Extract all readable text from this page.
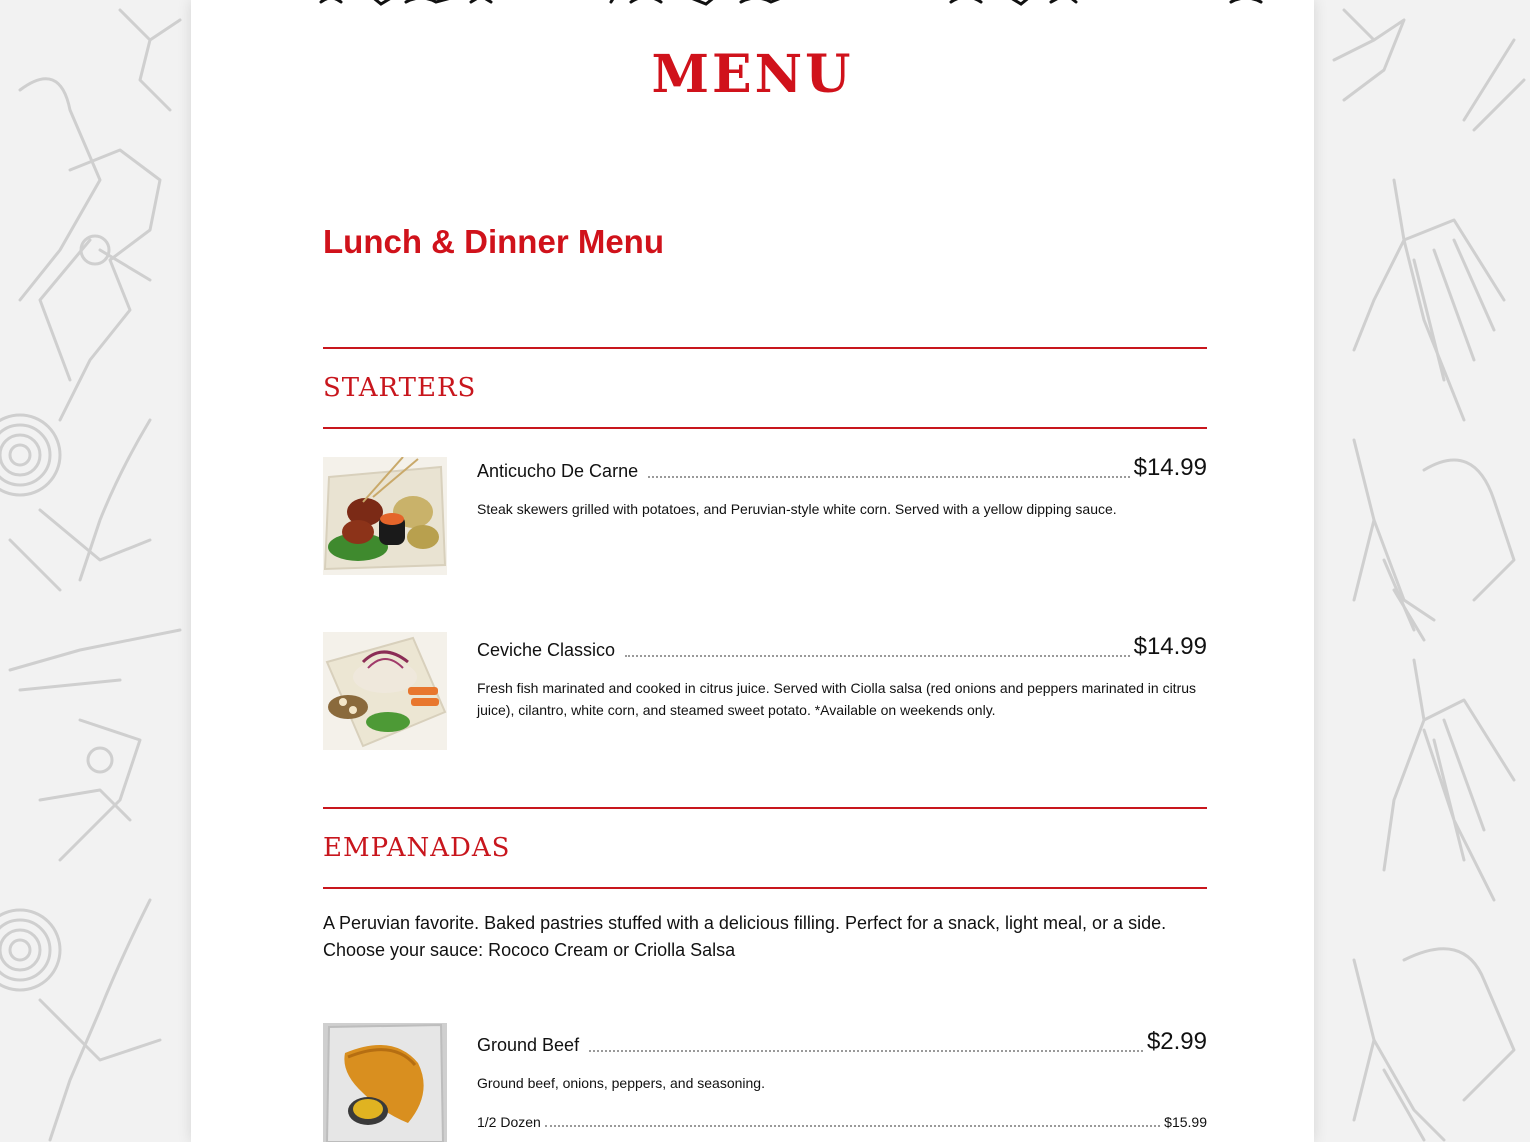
MENU
Lunch & Dinner Menu
STARTERS
Anticucho De Carne	$14.99
Steak skewers grilled with potatoes, and Peruvian-style white corn. Served with a yellow dipping sauce.
Ceviche Classico	$14.99
Fresh fish marinated and cooked in citrus juice. Served with Ciolla salsa (red onions and peppers marinated in citrus juice), cilantro, white corn, and steamed sweet potato. *Available on weekends only.
EMPANADAS
A Peruvian favorite. Baked pastries stuffed with a delicious filling. Perfect for a snack, light meal, or a side. Choose your sauce: Rococo Cream or Criolla Salsa
Ground Beef	$2.99
Ground beef, onions, peppers, and seasoning.
1/2 Dozen	$15.99
